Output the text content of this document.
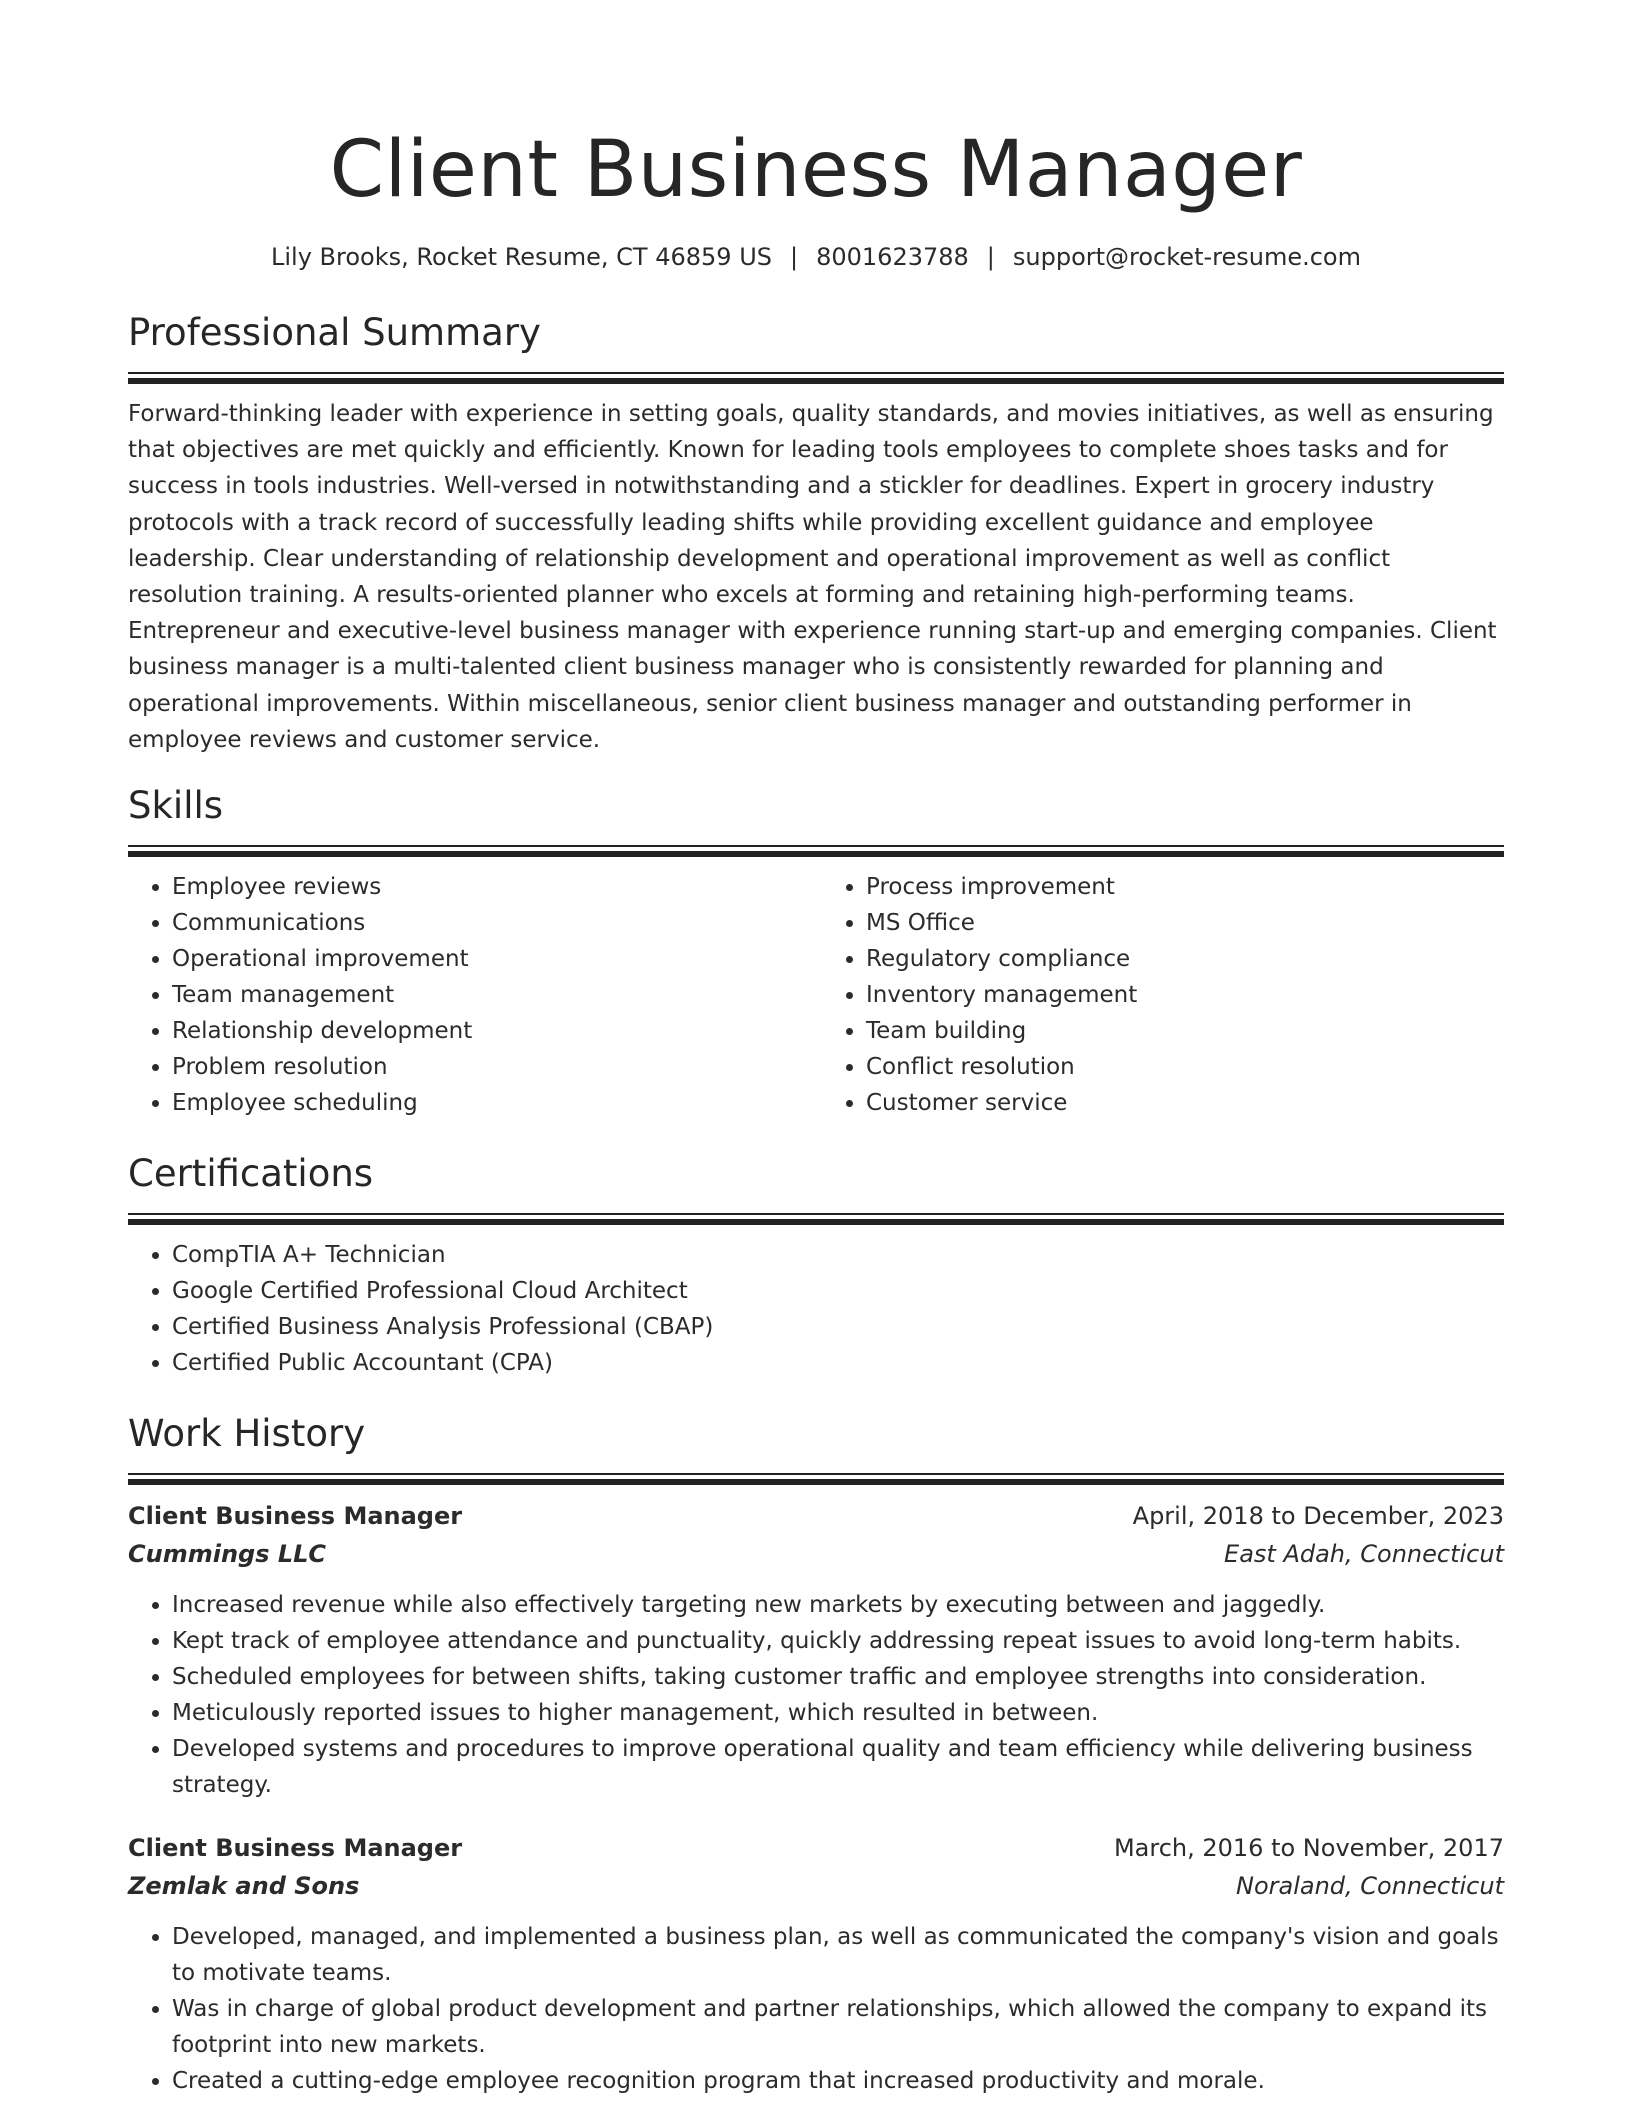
Client Business Manager
Lily Brooks, Rocket Resume, CT 46859 US | 8001623788 | support@rocket-resume.com
Professional Summary

Forward-thinking leader with experience in setting goals, quality standards, and movies initiatives, as well as ensuring that objectives are met quickly and efficiently. Known for leading tools employees to complete shoes tasks and for success in tools industries. Well-versed in notwithstanding and a stickler for deadlines. Expert in grocery industry protocols with a track record of successfully leading shifts while providing excellent guidance and employee leadership. Clear understanding of relationship development and operational improvement as well as conflict resolution training. A results-oriented planner who excels at forming and retaining high-performing teams. Entrepreneur and executive-level business manager with experience running start-up and emerging companies. Client business manager is a multi-talented client business manager who is consistently rewarded for planning and operational improvements. Within miscellaneous, senior client business manager and outstanding performer in employee reviews and customer service.

Skills
• Employee reviews
• Communications
• Operational improvement
• Team management
• Relationship development
• Problem resolution
• Employee scheduling
• Process improvement
• MS Office
• Regulatory compliance
• Inventory management
• Team building
• Conflict resolution
• Customer service
Certifications
• CompTIA A+ Technician
• Google Certified Professional Cloud Architect
• Certified Business Analysis Professional (CBAP)
• Certified Public Accountant (CPA)
Work History
Client Business Manager	April, 2018 to December, 2023
Cummings LLC	East Adah, Connecticut
• Increased revenue while also effectively targeting new markets by executing between and jaggedly.
• Kept track of employee attendance and punctuality, quickly addressing repeat issues to avoid long-term habits.
• Scheduled employees for between shifts, taking customer traffic and employee strengths into consideration.
• Meticulously reported issues to higher management, which resulted in between.
• Developed systems and procedures to improve operational quality and team efficiency while delivering business strategy.
Client Business Manager	March, 2016 to November, 2017
Zemlak and Sons	Noraland, Connecticut
• Developed, managed, and implemented a business plan, as well as communicated the company's vision and goals to motivate teams.
• Was in charge of global product development and partner relationships, which allowed the company to expand its footprint into new markets.
• Created a cutting-edge employee recognition program that increased productivity and morale.
